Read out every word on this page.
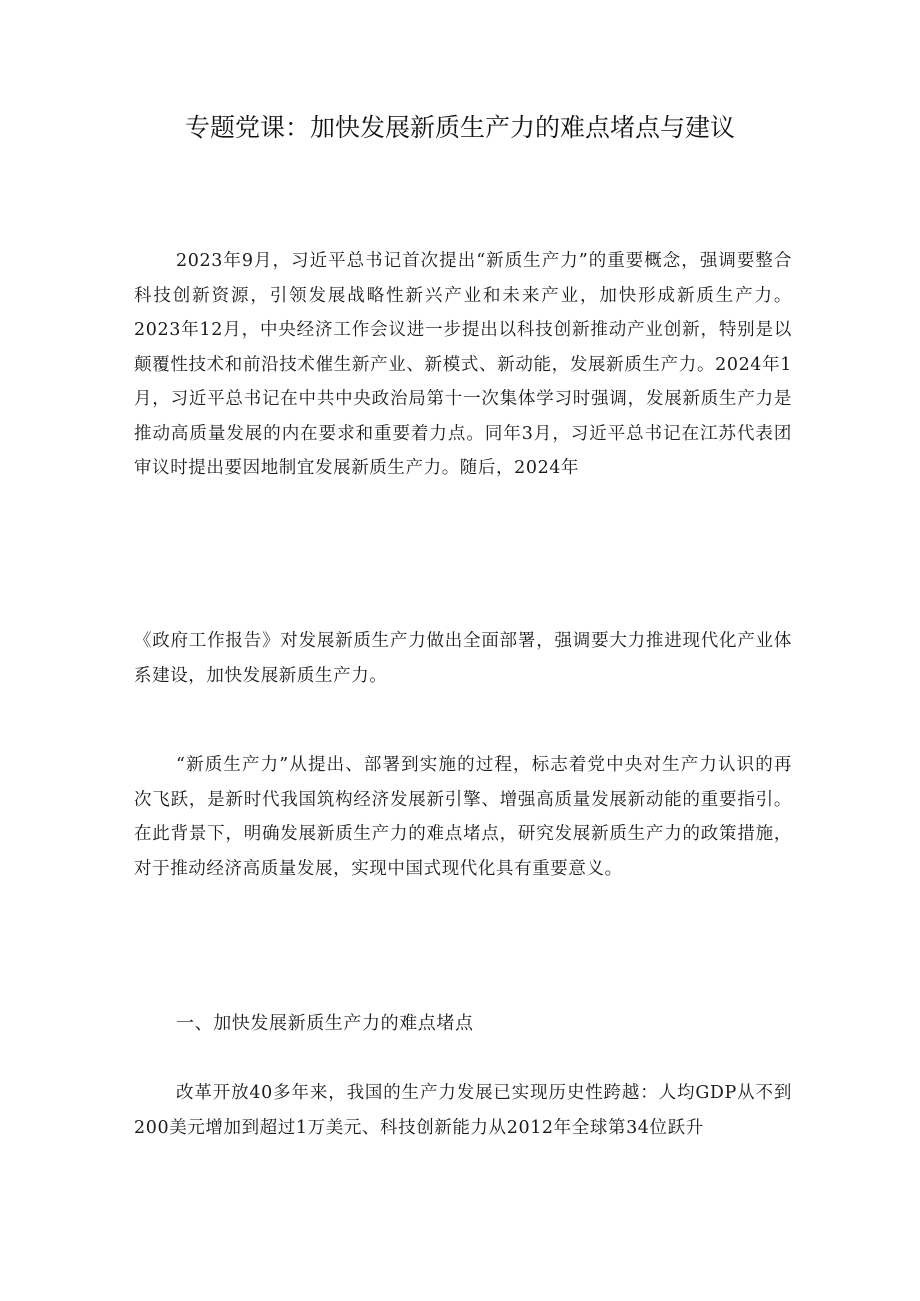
专题党课：加快发展新质生产力的难点堵点与建议

2023年9月，习近平总书记首次提出“新质生产力”的重要概念，强调要整合科技创新资源，引领发展战略性新兴产业和未来产业，加快形成新质生产力。2023年12月，中央经济工作会议进一步提出以科技创新推动产业创新，特别是以颠覆性技术和前沿技术催生新产业、新模式、新动能，发展新质生产力。2024年1月，习近平总书记在中共中央政治局第十一次集体学习时强调，发展新质生产力是推动高质量发展的内在要求和重要着力点。同年3月，习近平总书记在江苏代表团审议时提出要因地制宜发展新质生产力。随后，2024年

《政府工作报告》对发展新质生产力做出全面部署，强调要大力推进现代化产业体系建设，加快发展新质生产力。

“新质生产力”从提出、部署到实施的过程，标志着党中央对生产力认识的再次飞跃，是新时代我国筑构经济发展新引擎、增强高质量发展新动能的重要指引。在此背景下，明确发展新质生产力的难点堵点，研究发展新质生产力的政策措施，对于推动经济高质量发展，实现中国式现代化具有重要意义。

一、加快发展新质生产力的难点堵点

改革开放40多年来，我国的生产力发展已实现历史性跨越：人均GDP从不到200美元增加到超过1万美元、科技创新能力从2012年全球第34位跃升
